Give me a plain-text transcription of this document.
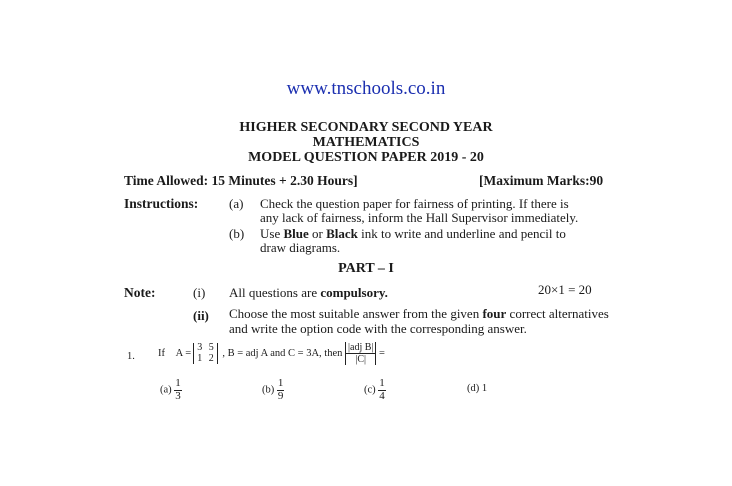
www.tnschools.co.in
HIGHER SECONDARY SECOND YEAR
MATHEMATICS
MODEL QUESTION PAPER 2019 - 20
Time Allowed: 15 Minutes + 2.30 Hours]	[Maximum Marks:90
Instructions: (a) Check the question paper for fairness of printing. If there is
any lack of fairness, inform the Hall Supervisor immediately.
(b) Use Blue or Black ink to write and underline and pencil to
draw diagrams.
PART – I
Note:	(i) All questions are compulsory.	20×1 = 20
(ii) Choose the most suitable answer from the given four correct alternatives
and write the option code with the corresponding answer.
1. If A =
3 5
1 2 , B = adj A and C = 3A, then $\frac{\text{|adj B|}}{|C|}$ =
$(a) \frac{1}{3}$	$(b) \frac{1}{9}$	$(c) \frac{1}{4}$	(d) 1
